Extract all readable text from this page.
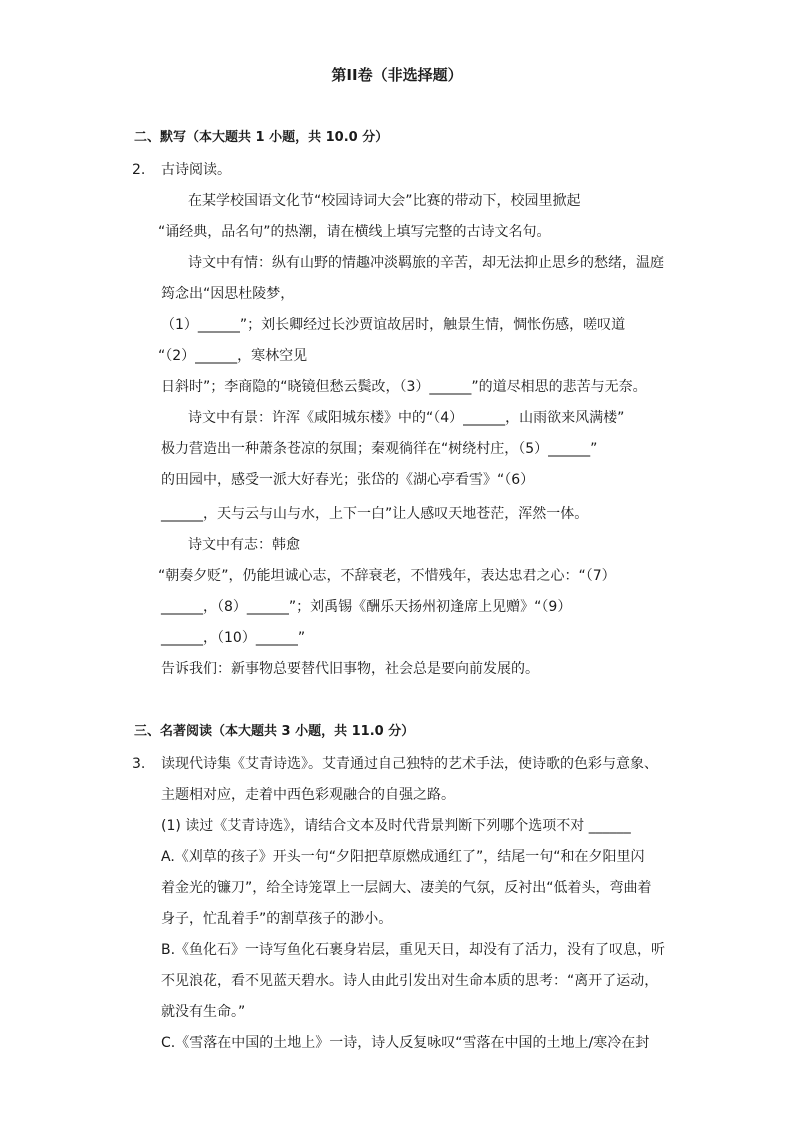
第II卷（非选择题）
二、默写（本大题共 1 小题，共 10.0 分）
2. 古诗阅读。
在某学校国语文化节“校园诗词大会”比赛的带动下，校园里掀起
“诵经典，品名句”的热潮，请在横线上填写完整的古诗文名句。
诗文中有情：纵有山野的情趣冲淡羁旅的辛苦，却无法抑止思乡的愁绪，温庭
筠念出“因思杜陵梦，
（1）______”；刘长卿经过长沙贾谊故居时，触景生情，惆怅伤感，嗟叹道
“（2）______，寒林空见
日斜时”；李商隐的“晓镜但愁云鬓改，（3）______”的道尽相思的悲苦与无奈。
诗文中有景：许浑《咸阳城东楼》中的“（4）______，山雨欲来风满楼”
极力营造出一种萧条苍凉的氛围；秦观徜徉在“树绕村庄，（5）______”
的田园中，感受一派大好春光；张岱的《湖心亭看雪》“（6）
______，天与云与山与水，上下一白”让人感叹天地苍茫，浑然一体。
诗文中有志：韩愈
“朝奏夕贬”，仍能坦诚心志，不辞衰老，不惜残年，表达忠君之心：“（7）
______，（8）______”；刘禹锡《酬乐天扬州初逢席上见赠》“（9）
______，（10）______”
告诉我们：新事物总要替代旧事物，社会总是要向前发展的。
三、名著阅读（本大题共 3 小题，共 11.0 分）
3. 读现代诗集《艾青诗选》。艾青通过自己独特的艺术手法，使诗歌的色彩与意象、
主题相对应，走着中西色彩观融合的自强之路。
(1) 读过《艾青诗选》，请结合文本及时代背景判断下列哪个选项不对 ______
A.《刈草的孩子》开头一句“夕阳把草原燃成通红了”，结尾一句“和在夕阳里闪
着金光的镰刀”，给全诗笼罩上一层阔大、凄美的气氛，反衬出“低着头，弯曲着
身子，忙乱着手”的割草孩子的渺小。
B.《鱼化石》一诗写鱼化石裹身岩层，重见天日，却没有了活力，没有了叹息，听
不见浪花，看不见蓝天碧水。诗人由此引发出对生命本质的思考：“离开了运动，
就没有生命。”
C.《雪落在中国的土地上》一诗，诗人反复咏叹“雪落在中国的土地上/寒冷在封
